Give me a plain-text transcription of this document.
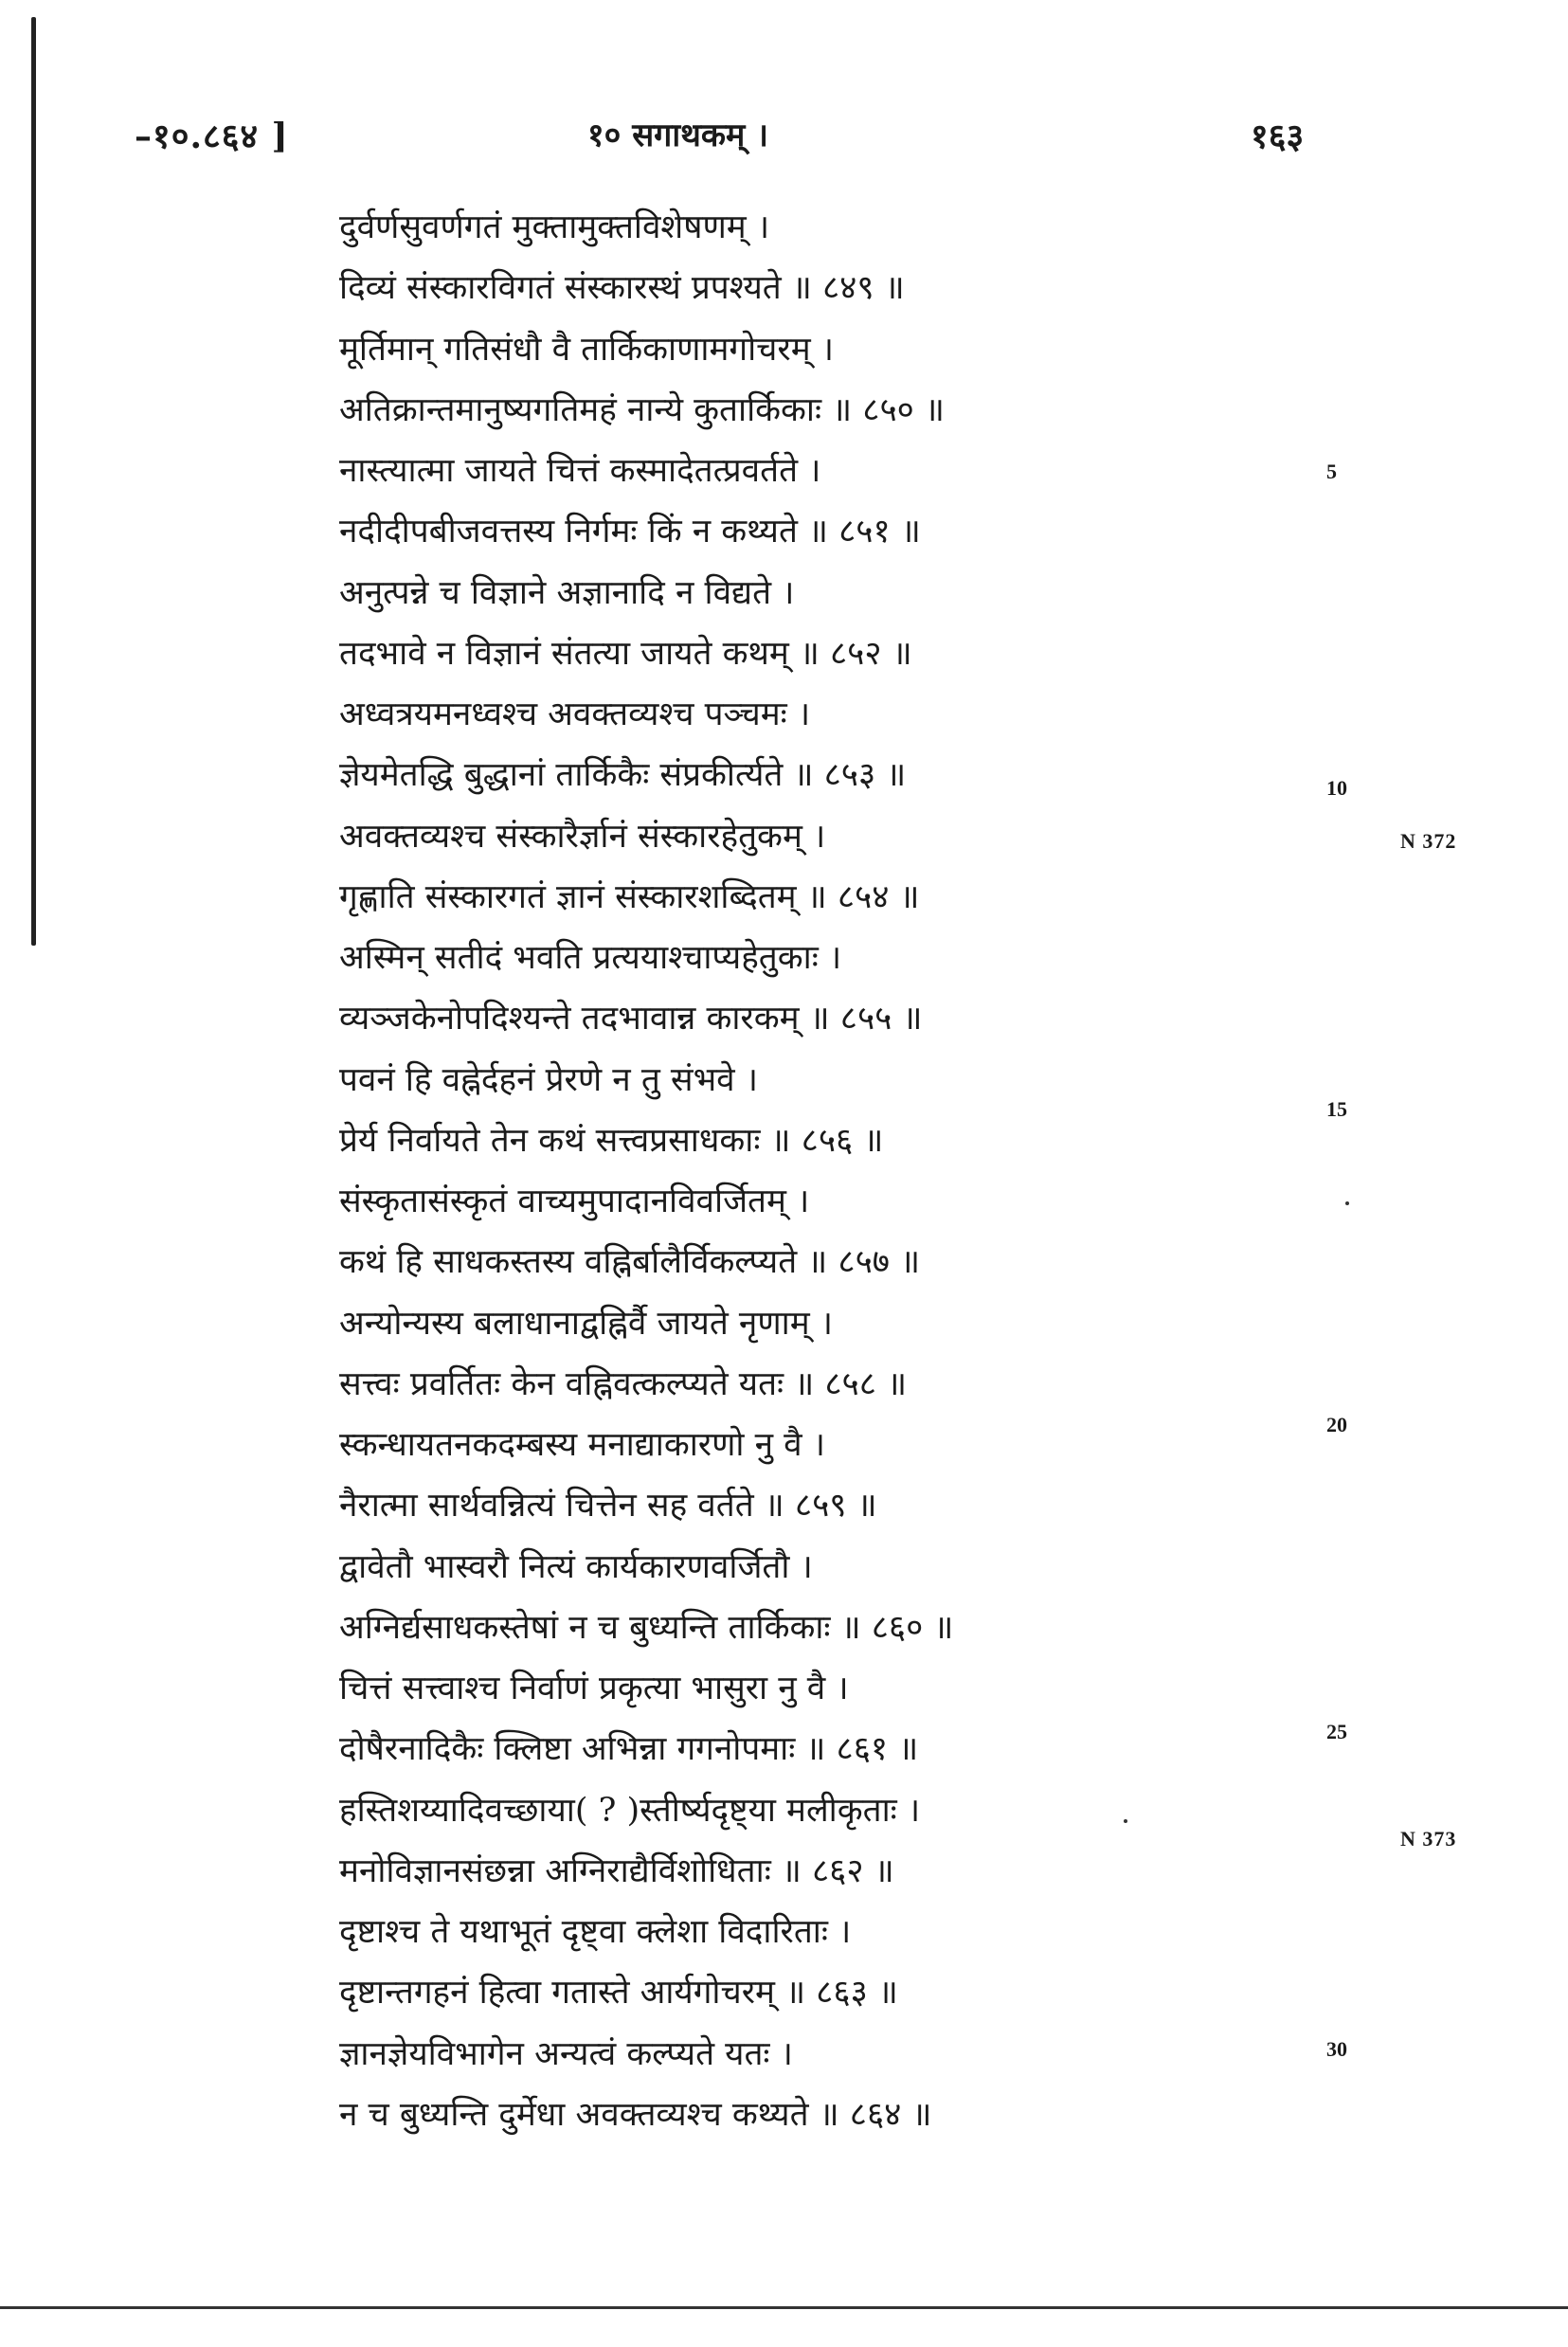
–१०.८६४ ]	१० सगाथकम् ।	१६३
दुर्वर्णसुवर्णगतं मुक्तामुक्तविशेषणम् ।
दिव्यं संस्कारविगतं संस्कारस्थं प्रपश्यते ॥ ८४९ ॥
मूर्तिमान् गतिसंधौ वै तार्किकाणामगोचरम् ।
अतिक्रान्तमानुष्यगतिमहं नान्ये कुतार्किकाः ॥ ८५० ॥
नास्त्यात्मा जायते चित्तं कस्मादेतत्प्रवर्तते ।
नदीदीपबीजवत्तस्य निर्गमः किं न कथ्यते ॥ ८५१ ॥
अनुत्पन्ने च विज्ञाने अज्ञानादि न विद्यते ।
तदभावे न विज्ञानं संतत्या जायते कथम् ॥ ८५२ ॥
अध्वत्रयमनध्वश्च अवक्तव्यश्च पञ्चमः ।
ज्ञेयमेतद्धि बुद्धानां तार्किकैः संप्रकीर्त्यते ॥ ८५३ ॥
अवक्तव्यश्च संस्कारैर्ज्ञानं संस्कारहेतुकम् ।
गृह्णाति संस्कारगतं ज्ञानं संस्कारशब्दितम् ॥ ८५४ ॥
अस्मिन् सतीदं भवति प्रत्ययाश्चाप्यहेतुकाः ।
व्यञ्जकेनोपदिश्यन्ते तदभावान्न कारकम् ॥ ८५५ ॥
पवनं हि वह्नेर्दहनं प्रेरणे न तु संभवे ।
प्रेर्य निर्वायते तेन कथं सत्त्वप्रसाधकाः ॥ ८५६ ॥
संस्कृतासंस्कृतं वाच्यमुपादानविवर्जितम् ।
कथं हि साधकस्तस्य वह्निर्बालैर्विकल्प्यते ॥ ८५७ ॥
अन्योन्यस्य बलाधानाद्वह्निर्वै जायते नृणाम् ।
सत्त्वः प्रवर्तितः केन वह्निवत्कल्प्यते यतः ॥ ८५८ ॥
स्कन्धायतनकदम्बस्य मनाद्याकारणो नु वै ।
नैरात्मा सार्थवन्नित्यं चित्तेन सह वर्तते ॥ ८५९ ॥
द्वावेतौ भास्वरौ नित्यं कार्यकारणवर्जितौ ।
अग्निर्द्यसाधकस्तेषां न च बुध्यन्ति तार्किकाः ॥ ८६० ॥
चित्तं सत्त्वाश्च निर्वाणं प्रकृत्या भासुरा नु वै ।
दोषैरनादिकैः क्लिष्टा अभिन्ना गगनोपमाः ॥ ८६१ ॥
हस्तिशय्यादिवच्छाया( ? )स्तीर्ष्यदृष्ट्या मलीकृताः ।
मनोविज्ञानसंछन्ना अग्निराद्यैर्विशोधिताः ॥ ८६२ ॥
दृष्टाश्च ते यथाभूतं दृष्ट्वा क्लेशा विदारिताः ।
दृष्टान्तगहनं हित्वा गतास्ते आर्यगोचरम् ॥ ८६३ ॥
ज्ञानज्ञेयविभागेन अन्यत्वं कल्प्यते यतः ।
न च बुध्यन्ति दुर्मेधा अवक्तव्यश्च कथ्यते ॥ ८६४ ॥
5
10
15
20
25
30
N 372
N 373
